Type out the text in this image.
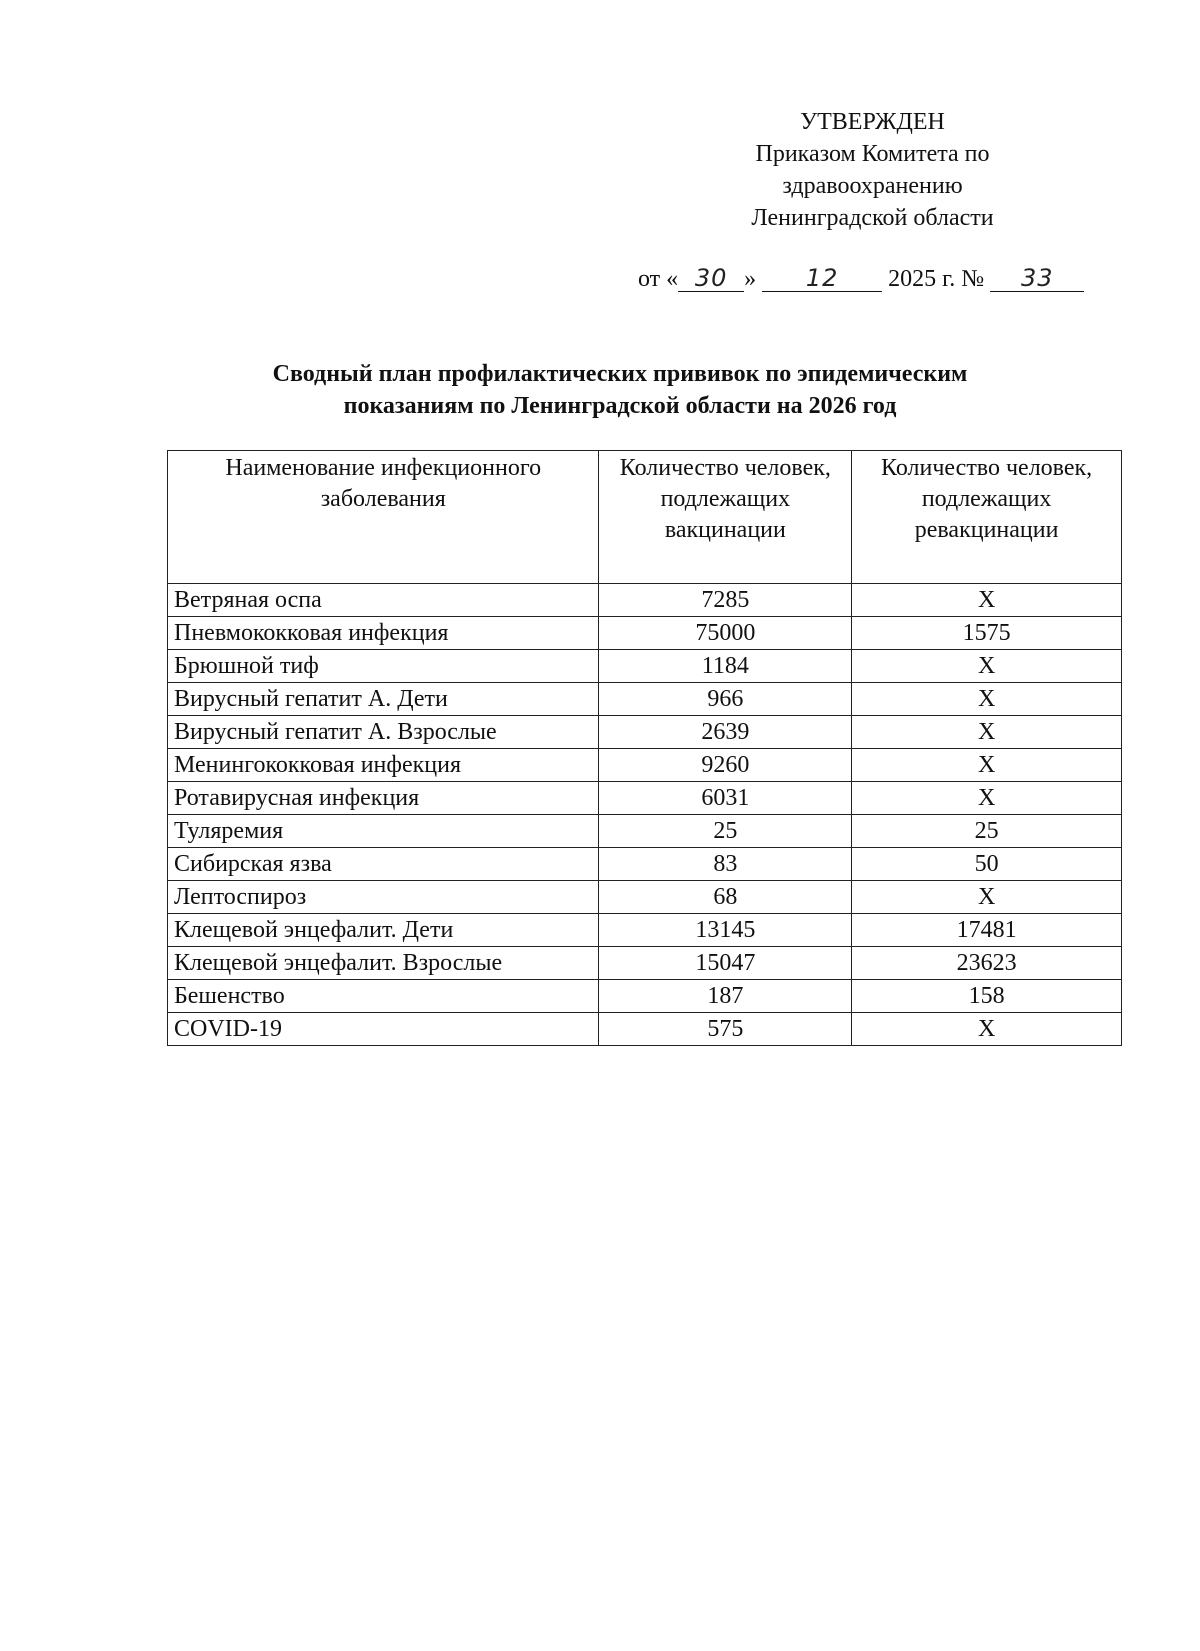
УТВЕРЖДЕН
Приказом Комитета по
здравоохранению
Ленинградской области
от « 30 » 12 2025 г. № 33
Сводный план профилактических прививок по эпидемическим
показаниям по Ленинградской области на 2026 год
Наименование инфекционного заболевания	Количество человек, подлежащих вакцинации	Количество человек, подлежащих ревакцинации
Ветряная оспа	7285	X
Пневмококковая инфекция	75000	1575
Брюшной тиф	1184	X
Вирусный гепатит А. Дети	966	X
Вирусный гепатит А. Взрослые	2639	X
Менингококковая инфекция	9260	X
Ротавирусная инфекция	6031	X
Туляремия	25	25
Сибирская язва	83	50
Лептоспироз	68	X
Клещевой энцефалит. Дети	13145	17481
Клещевой энцефалит. Взрослые	15047	23623
Бешенство	187	158
COVID-19	575	X
